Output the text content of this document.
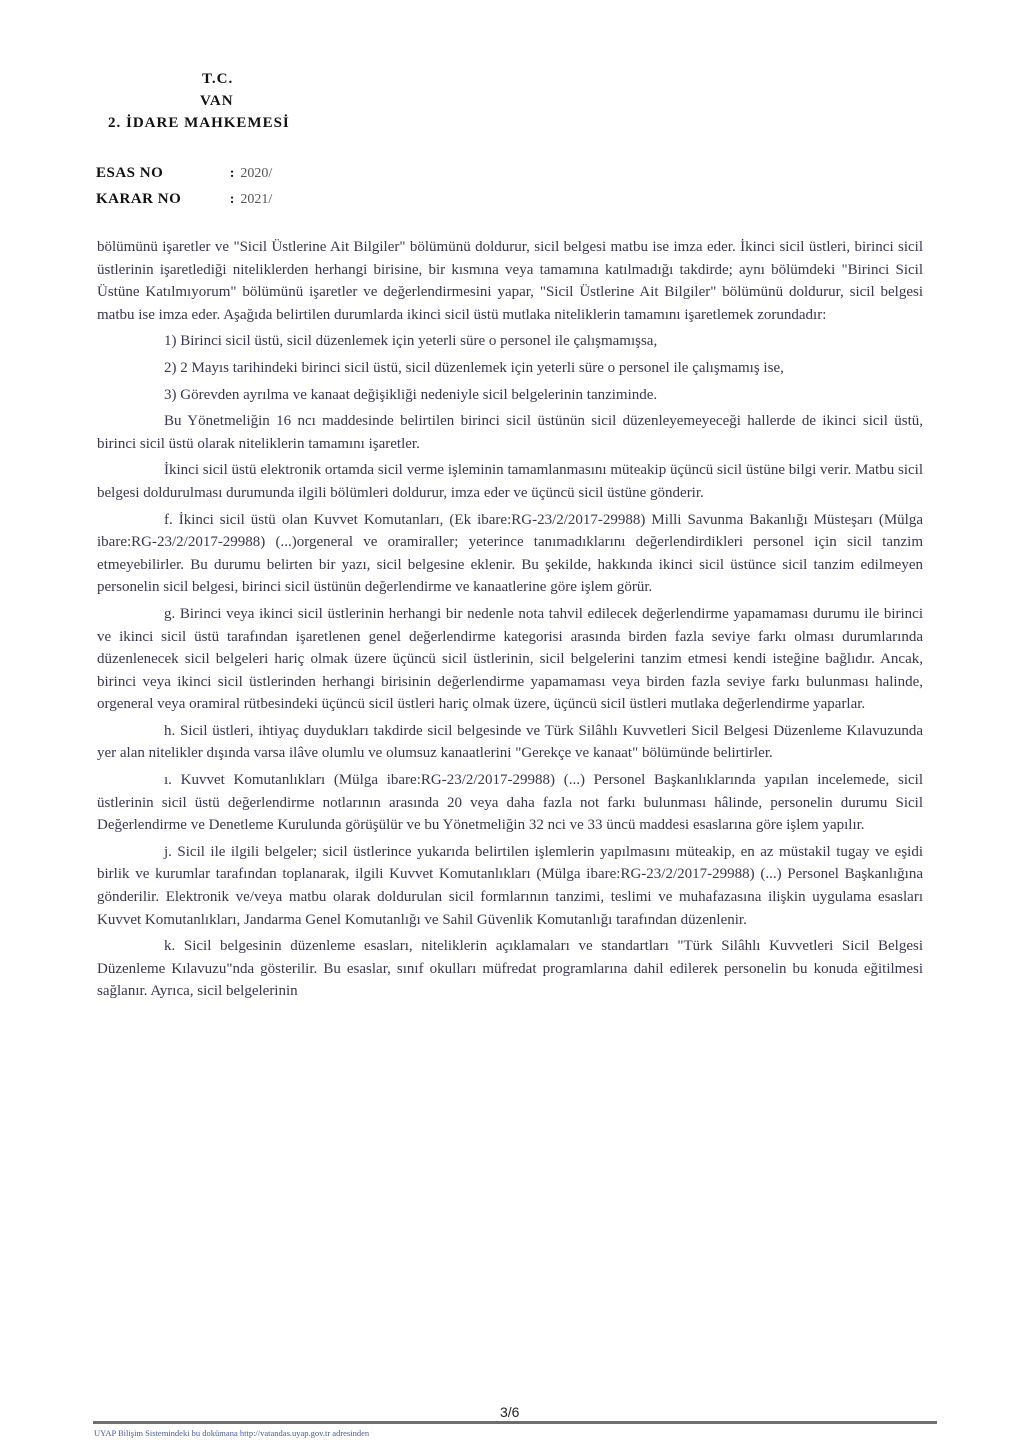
T.C.
VAN
2. İDARE MAHKEMESİ
ESAS NO	: 2020/
KARAR NO	: 2021/

bölümünü işaretler ve "Sicil Üstlerine Ait Bilgiler" bölümünü doldurur, sicil belgesi matbu ise imza eder. İkinci sicil üstleri, birinci sicil üstlerinin işaretlediği niteliklerden herhangi birisine, bir kısmına veya tamamına katılmadığı takdirde; aynı bölümdeki "Birinci Sicil Üstüne Katılmıyorum" bölümünü işaretler ve değerlendirmesini yapar, "Sicil Üstlerine Ait Bilgiler" bölümünü doldurur, sicil belgesi matbu ise imza eder. Aşağıda belirtilen durumlarda ikinci sicil üstü mutlaka niteliklerin tamamını işaretlemek zorundadır:

1) Birinci sicil üstü, sicil düzenlemek için yeterli süre o personel ile çalışmamışsa,

2) 2 Mayıs tarihindeki birinci sicil üstü, sicil düzenlemek için yeterli süre o personel ile çalışmamış ise,

3) Görevden ayrılma ve kanaat değişikliği nedeniyle sicil belgelerinin tanziminde.

Bu Yönetmeliğin 16 ncı maddesinde belirtilen birinci sicil üstünün sicil düzenleyemeyeceği hallerde de ikinci sicil üstü, birinci sicil üstü olarak niteliklerin tamamını işaretler.

İkinci sicil üstü elektronik ortamda sicil verme işleminin tamamlanmasını müteakip üçüncü sicil üstüne bilgi verir. Matbu sicil belgesi doldurulması durumunda ilgili bölümleri doldurur, imza eder ve üçüncü sicil üstüne gönderir.

f. İkinci sicil üstü olan Kuvvet Komutanları, (Ek ibare:RG-23/2/2017-29988) Milli Savunma Bakanlığı Müsteşarı (Mülga ibare:RG-23/2/2017-29988) (...)orgeneral ve oramiraller; yeterince tanımadıklarını değerlendirdikleri personel için sicil tanzim etmeyebilirler. Bu durumu belirten bir yazı, sicil belgesine eklenir. Bu şekilde, hakkında ikinci sicil üstünce sicil tanzim edilmeyen personelin sicil belgesi, birinci sicil üstünün değerlendirme ve kanaatlerine göre işlem görür.

g. Birinci veya ikinci sicil üstlerinin herhangi bir nedenle nota tahvil edilecek değerlendirme yapamaması durumu ile birinci ve ikinci sicil üstü tarafından işaretlenen genel değerlendirme kategorisi arasında birden fazla seviye farkı olması durumlarında düzenlenecek sicil belgeleri hariç olmak üzere üçüncü sicil üstlerinin, sicil belgelerini tanzim etmesi kendi isteğine bağlıdır. Ancak, birinci veya ikinci sicil üstlerinden herhangi birisinin değerlendirme yapamaması veya birden fazla seviye farkı bulunması halinde, orgeneral veya oramiral rütbesindeki üçüncü sicil üstleri hariç olmak üzere, üçüncü sicil üstleri mutlaka değerlendirme yaparlar.

h. Sicil üstleri, ihtiyaç duydukları takdirde sicil belgesinde ve Türk Silâhlı Kuvvetleri Sicil Belgesi Düzenleme Kılavuzunda yer alan nitelikler dışında varsa ilâve olumlu ve olumsuz kanaatlerini "Gerekçe ve kanaat" bölümünde belirtirler.

ı. Kuvvet Komutanlıkları (Mülga ibare:RG-23/2/2017-29988) (...) Personel Başkanlıklarında yapılan incelemede, sicil üstlerinin sicil üstü değerlendirme notlarının arasında 20 veya daha fazla not farkı bulunması hâlinde, personelin durumu Sicil Değerlendirme ve Denetleme Kurulunda görüşülür ve bu Yönetmeliğin 32 nci ve 33 üncü maddesi esaslarına göre işlem yapılır.

j. Sicil ile ilgili belgeler; sicil üstlerince yukarıda belirtilen işlemlerin yapılmasını müteakip, en az müstakil tugay ve eşidi birlik ve kurumlar tarafından toplanarak, ilgili Kuvvet Komutanlıkları (Mülga ibare:RG-23/2/2017-29988) (...) Personel Başkanlığına gönderilir. Elektronik ve/veya matbu olarak doldurulan sicil formlarının tanzimi, teslimi ve muhafazasına ilişkin uygulama esasları Kuvvet Komutanlıkları, Jandarma Genel Komutanlığı ve Sahil Güvenlik Komutanlığı tarafından düzenlenir.

k. Sicil belgesinin düzenleme esasları, niteliklerin açıklamaları ve standartları "Türk Silâhlı Kuvvetleri Sicil Belgesi Düzenleme Kılavuzu"nda gösterilir. Bu esaslar, sınıf okulları müfredat programlarına dahil edilerek personelin bu konuda eğitilmesi sağlanır. Ayrıca, sicil belgelerinin

3/6
UYAP Bilişim Sistemindeki bu dokümana http://vatandas.uyap.gov.tr adresinden
